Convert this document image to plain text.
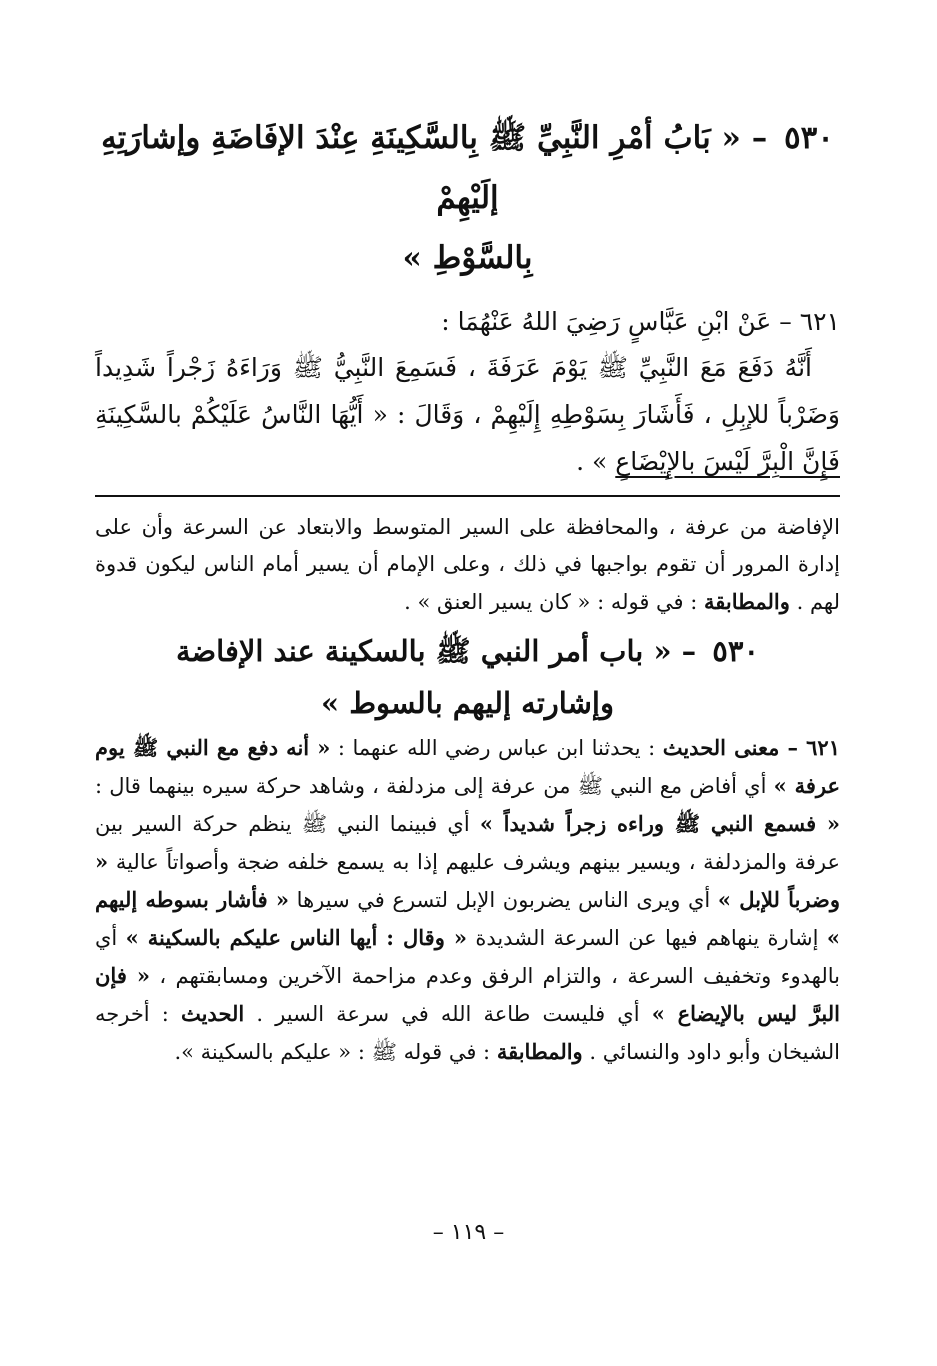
٥٣٠ – « بَابُ أمْرِ النَّبِيِّ ﷺ بِالسَّكِينَةِ عِنْدَ الإفَاضَةِ وإشارَتِهِ إلَيْهِمْ
بِالسَّوْطِ »

٦٢١ – عَنْ ابْنِ عَبَّاسٍ رَضِيَ اللهُ عَنْهُمَا :

أَنَّهُ دَفَعَ مَعَ النَّبِيِّ ﷺ يَوْمَ عَرَفَةَ ، فَسَمِعَ النَّبِيُّ ﷺ وَرَاءَهُ زَجْراً شَدِيداً وَضَرْباً للإبِلِ ، فَأَشَارَ بِسَوْطِهِ إِلَيْهِمْ ، وَقَالَ : « أَيُّهَا النَّاسُ عَلَيْكُمْ بالسَّكِينَةِ فَإِنَّ الْبِرَّ لَيْسَ بالإِيْضَاعِ » .

الإفاضة من عرفة ، والمحافظة على السير المتوسط والابتعاد عن السرعة وأن على إدارة المرور أن تقوم بواجبها في ذلك ، وعلى الإمام أن يسير أمام الناس ليكون قدوة لهم . والمطابقة : في قوله : « كان يسير العنق » .

٥٣٠ – « باب أمر النبي ﷺ بالسكينة عند الإفاضة
وإشارته إليهم بالسوط »

٦٢١ – معنى الحديث : يحدثنا ابن عباس رضي الله عنهما : « أنه دفع مع النبي ﷺ يوم عرفة » أي أفاض مع النبي ﷺ من عرفة إلى مزدلفة ، وشاهد حركة سيره بينهما قال : « فسمع النبي ﷺ وراءه زجراً شديداً » أي فبينما النبي ﷺ ينظم حركة السير بين عرفة والمزدلفة ، ويسير بينهم ويشرف عليهم إذا به يسمع خلفه ضجة وأصواتاً عالية « وضرباً للإبل » أي ويرى الناس يضربون الإبل لتسرع في سيرها « فأشار بسوطه إليهم » إشارة ينهاهم فيها عن السرعة الشديدة « وقال : أيها الناس عليكم بالسكينة » أي بالهدوء وتخفيف السرعة ، والتزام الرفق وعدم مزاحمة الآخرين ومسابقتهم ، « فإن البرَّ ليس بالإيضاع » أي فليست طاعة الله في سرعة السير . الحديث : أخرجه الشيخان وأبو داود والنسائي . والمطابقة : في قوله ﷺ : « عليكم بالسكينة ».

– ١١٩ –
